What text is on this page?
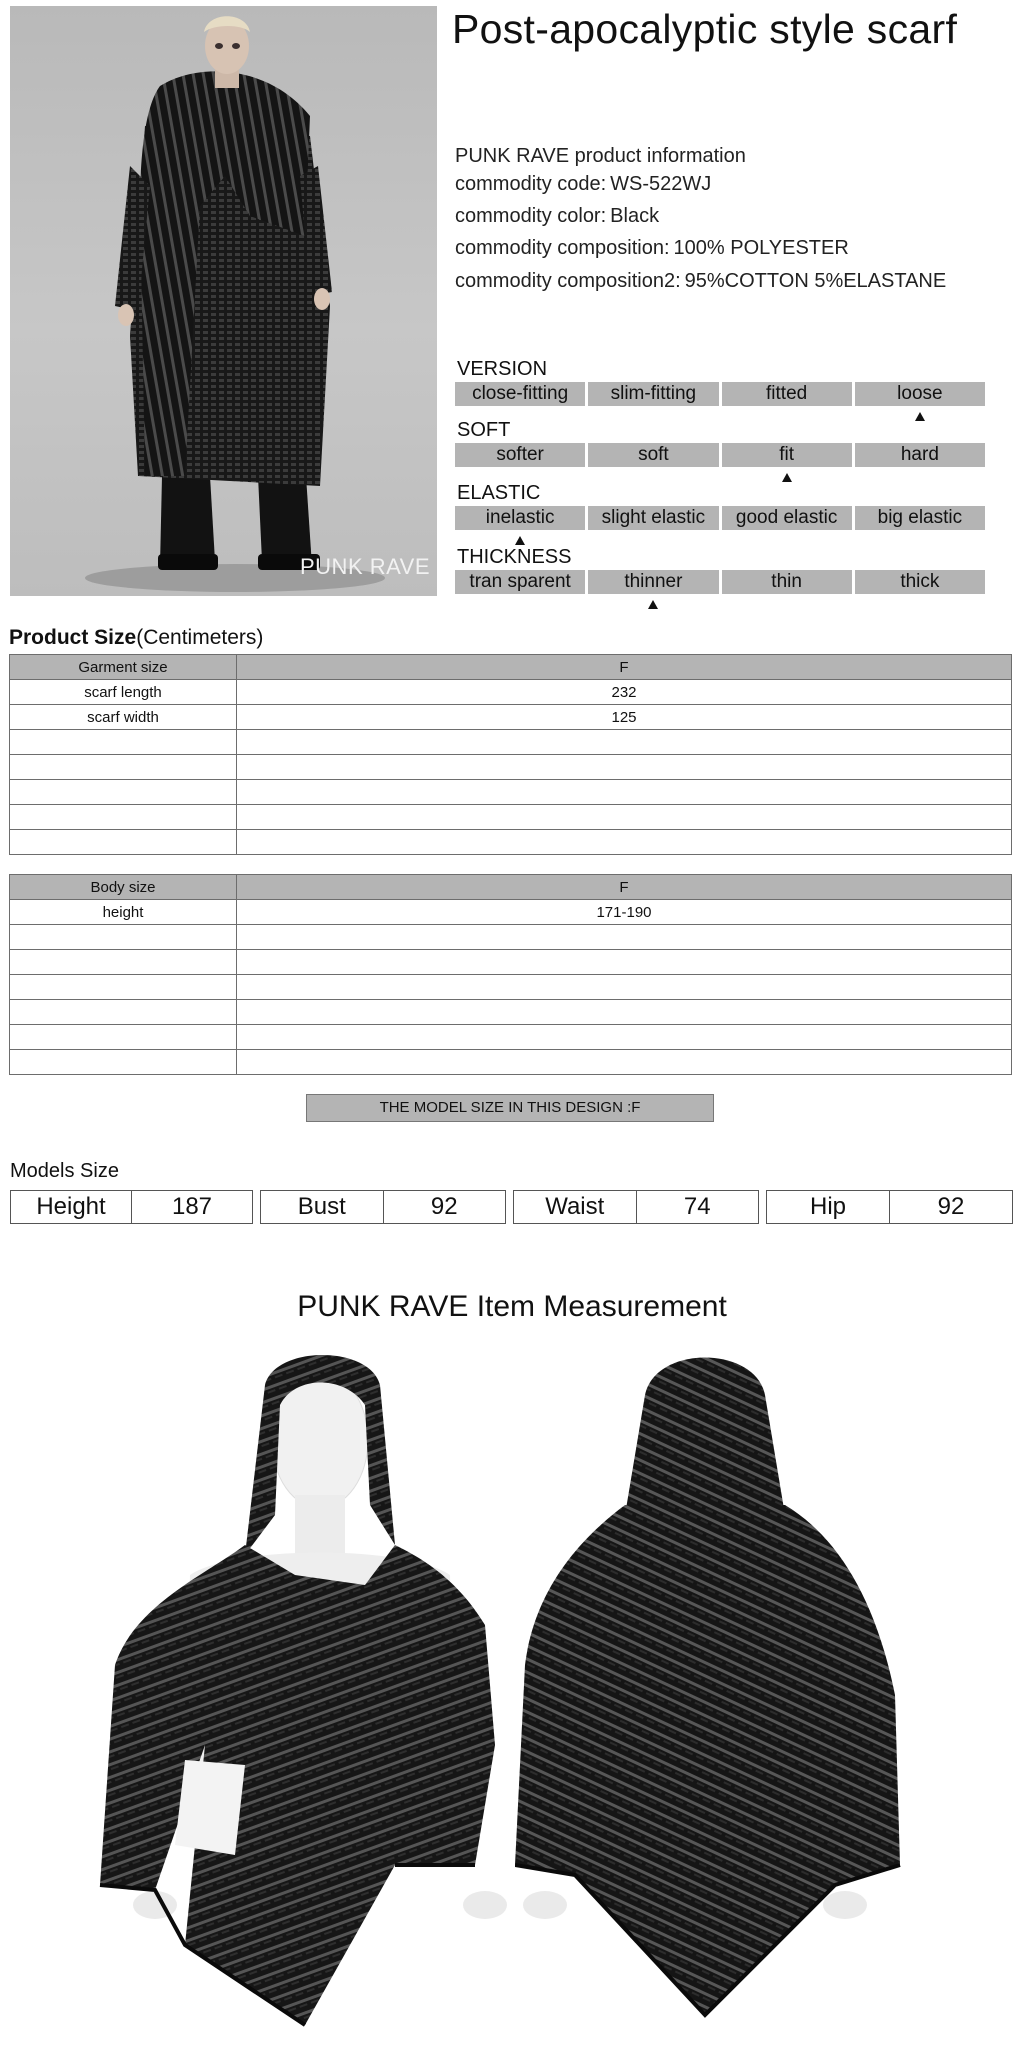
PUNK RAVE
Post-apocalyptic style scarf
PUNK RAVE product information
commodity code: WS-522WJ
commodity color: Black
commodity composition: 100% POLYESTER
commodity composition2: 95%COTTON 5%ELASTANE
VERSION
close-fitting	slim-fitting	fitted	loose
SOFT
softer	soft	fit	hard
ELASTIC
inelastic	slight elastic	good elastic	big elastic
THICKNESS
tran sparent	thinner	thin	thick
Product Size(Centimeters)
Garment size	F
scarf length	232
scarf width	125

Body size	F
height	171-190

THE MODEL SIZE IN THIS DESIGN :F
Models Size
Height	187	Bust	92	Waist	74	Hip	92
PUNK RAVE Item Measurement
